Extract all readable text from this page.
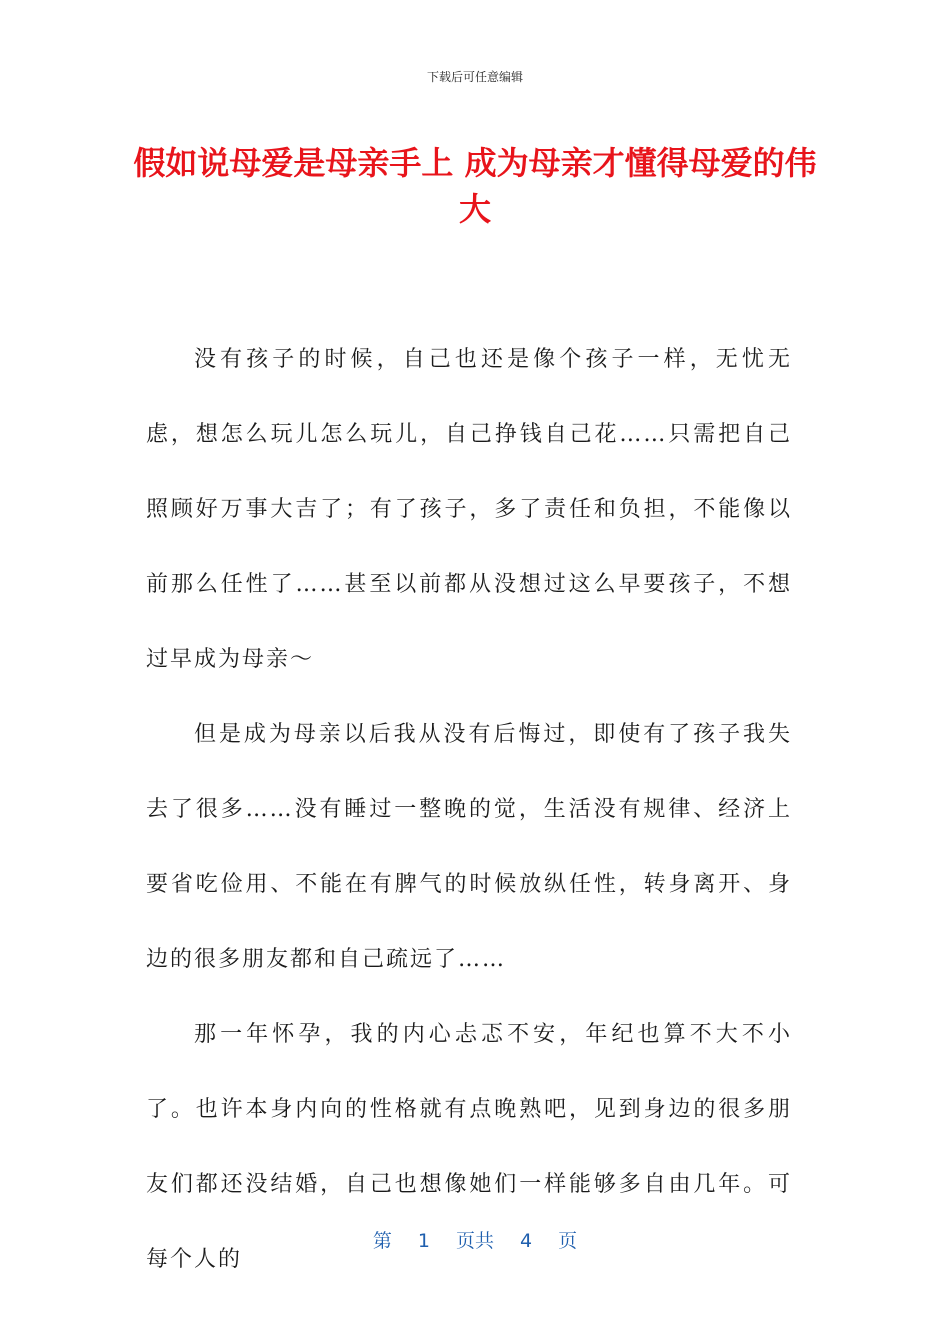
下载后可任意编辑
假如说母爱是母亲手上 成为母亲才懂得母爱的伟大

没有孩子的时候，自己也还是像个孩子一样，无忧无虑，想怎么玩儿怎么玩儿，自己挣钱自己花……只需把自己照顾好万事大吉了；有了孩子，多了责任和负担，不能像以前那么任性了……甚至以前都从没想过这么早要孩子，不想过早成为母亲～

但是成为母亲以后我从没有后悔过，即使有了孩子我失去了很多……没有睡过一整晚的觉，生活没有规律、经济上要省吃俭用、不能在有脾气的时候放纵任性，转身离开、身边的很多朋友都和自己疏远了……

那一年怀孕，我的内心忐忑不安，年纪也算不大不小了。也许本身内向的性格就有点晚熟吧，见到身边的很多朋友们都还没结婚，自己也想像她们一样能够多自由几年。可每个人的

第 1 页共 4 页
